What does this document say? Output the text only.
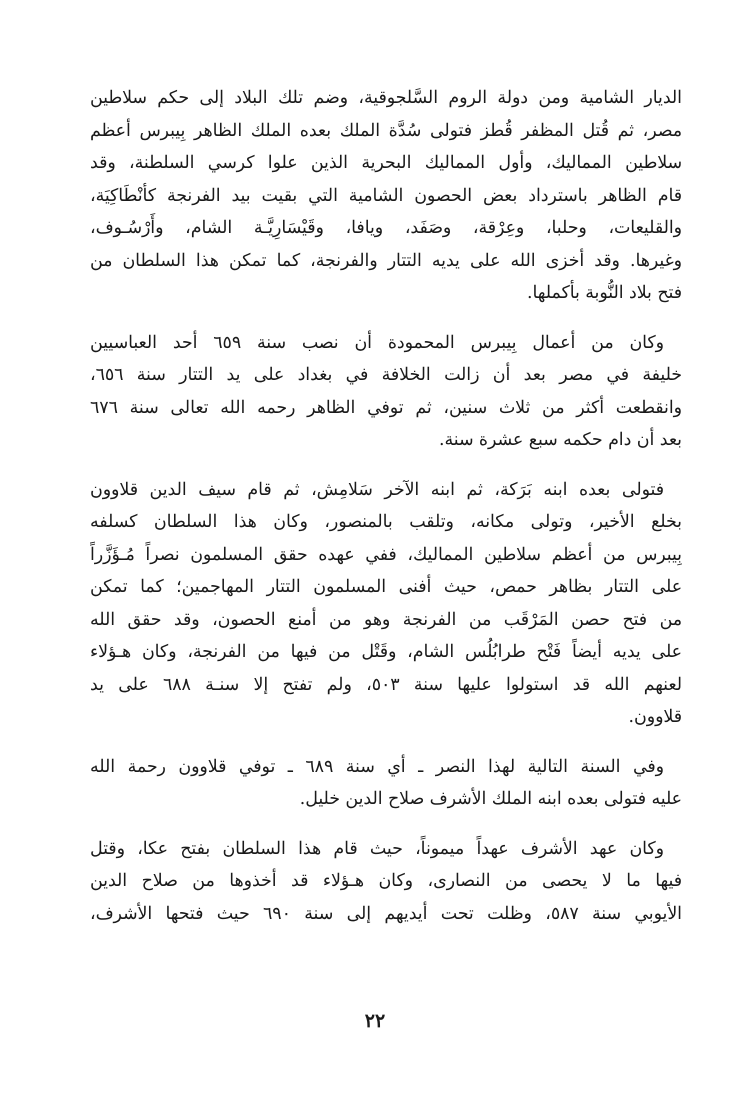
الديار الشامية ومن دولة الروم السَّلجوقية، وضم تلك البلاد إلى حكم سلاطين
مصر، ثم قُتل المظفر قُطز فتولى سُدَّة الملك بعده الملك الظاهر بِيبرس أعظم
سلاطين المماليك، وأول المماليك البحرية الذين علوا كرسي السلطنة، وقد
قام الظاهر باسترداد بعض الحصون الشامية التي بقيت بيد الفرنجة كأنْطَاكِيَة،
والقليعات، وحلبا، وعِرْقة، وصَفَد، ويافا، وقَيْسَارِيَّـة الشام، وأَرْسُـوف،
وغيرها. وقد أخزى الله على يديه التتار والفرنجة، كما تمكن هذا السلطان من
فتح بلاد النُّوبة بأكملها.
وكان من أعمال بِيبرس المحمودة أن نصب سنة ٦٥٩ أحد العباسيين
خليفة في مصر بعد أن زالت الخلافة في بغداد على يد التتار سنة ٦٥٦،
وانقطعت أكثر من ثلاث سنين، ثم توفي الظاهر رحمه الله تعالى سنة ٦٧٦
بعد أن دام حكمه سبع عشرة سنة.
فتولى بعده ابنه بَرَكة، ثم ابنه الآخر سَلامِش، ثم قام سيف الدين قلاوون
بخلع الأخير، وتولى مكانه، وتلقب بالمنصور، وكان هذا السلطان كسلفه
بِيبرس من أعظم سلاطين المماليك، ففي عهده حقق المسلمون نصراً مُـؤَزَّراً
على التتار بظاهر حمص، حيث أفنى المسلمون التتار المهاجمين؛ كما تمكن
من فتح حصن المَرْقَب من الفرنجة وهو من أمنع الحصون، وقد حقق الله
على يديه أيضاً فَتْح طرابُلُس الشام، وقَتْل من فيها من الفرنجة، وكان هـؤلاء
لعنهم الله قد استولوا عليها سنة ٥٠٣، ولم تفتح إلا سنـة ٦٨٨ على يد
قلاوون.
وفي السنة التالية لهذا النصر ـ أي سنة ٦٨٩ ـ توفي قلاوون رحمة الله
عليه فتولى بعده ابنه الملك الأشرف صلاح الدين خليل.
وكان عهد الأشرف عهداً ميموناً، حيث قام هذا السلطان بفتح عكا، وقتل
فيها ما لا يحصى من النصارى، وكان هـؤلاء قد أخذوها من صلاح الدين
الأيوبي سنة ٥٨٧، وظلت تحت أيديهم إلى سنة ٦٩٠ حيث فتحها الأشرف،
٢٢
